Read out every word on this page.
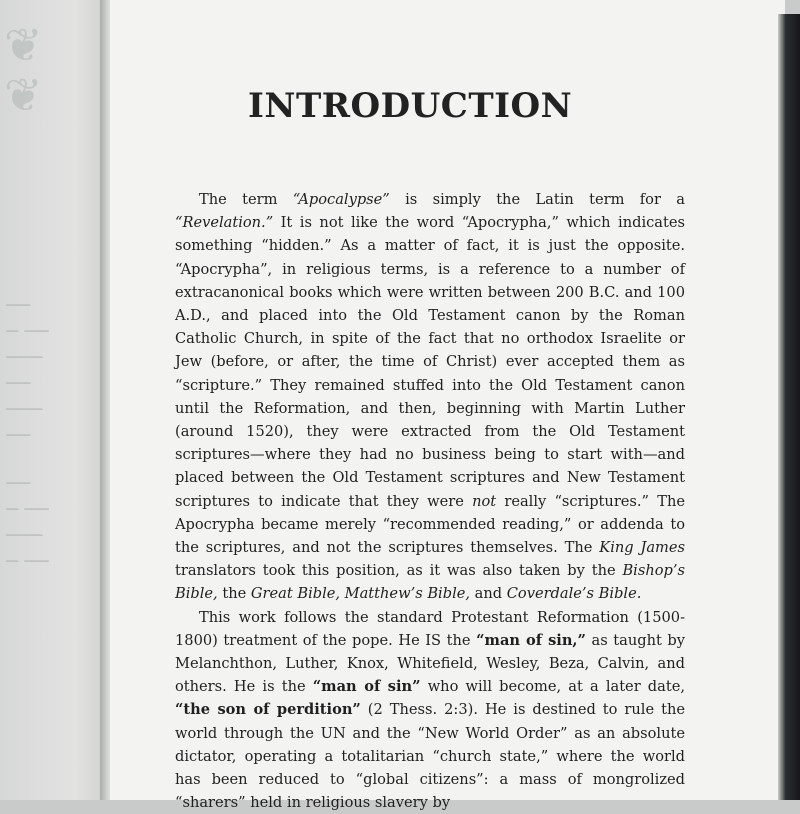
❦
❦
──
─ ──
───
──
───
──
──
─ ──
───
─ ──
INTRODUCTION

The term “Apocalypse” is simply the Latin term for a “Revelation.” It is not like the word “Apocrypha,” which indicates something “hidden.” As a matter of fact, it is just the opposite. “Apocrypha”, in religious terms, is a reference to a number of extracanonical books which were written between 200 B.C. and 100 A.D., and placed into the Old Testament canon by the Roman Catholic Church, in spite of the fact that no orthodox Israelite or Jew (before, or after, the time of Christ) ever accepted them as “scripture.” They remained stuffed into the Old Testament canon until the Reformation, and then, beginning with Martin Luther (around 1520), they were extracted from the Old Testament scriptures—where they had no business being to start with—and placed between the Old Testament scriptures and New Testament scriptures to indicate that they were not really “scriptures.” The Apocrypha became merely “recommended reading,” or addenda to the scriptures, and not the scriptures themselves. The King James translators took this position, as it was also taken by the Bishop’s Bible, the Great Bible, Matthew’s Bible, and Coverdale’s Bible.

This work follows the standard Protestant Reformation (1500-1800) treatment of the pope. He IS the “man of sin,” as taught by Melanchthon, Luther, Knox, Whitefield, Wesley, Beza, Calvin, and others. He is the “man of sin” who will become, at a later date, “the son of perdition” (2 Thess. 2:3). He is destined to rule the world through the UN and the “New World Order” as an absolute dictator, operating a totalitarian “church state,” where the world has been reduced to “global citizens”: a mass of mongrolized “sharers” held in religious slavery by
